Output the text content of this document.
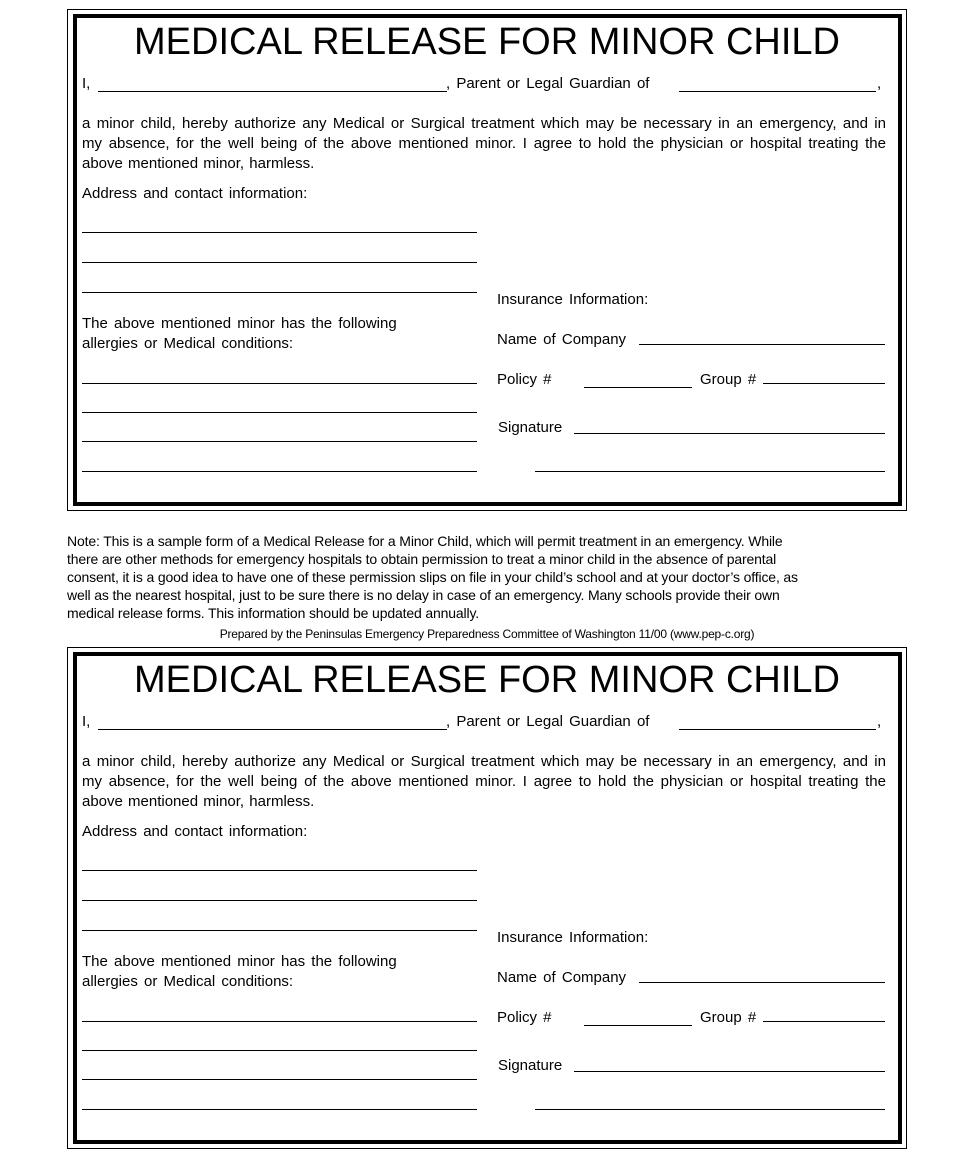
MEDICAL RELEASE FOR MINOR CHILD
I,	, Parent or Legal Guardian of	,
a minor child, hereby authorize any Medical or Surgical treatment which may be necessary in an emergency, and in my absence, for the well being of the above mentioned minor. I agree to hold the physician or hospital treating the above mentioned minor, harmless.
Address and contact information:
The above mentioned minor has the following allergies or Medical conditions:
Insurance Information:
Name of Company
Policy #	Group #
Signature
Note: This is a sample form of a Medical Release for a Minor Child, which will permit treatment in an emergency. While
there are other methods for emergency hospitals to obtain permission to treat a minor child in the absence of parental
consent, it is a good idea to have one of these permission slips on file in your child’s school and at your doctor’s office, as
well as the nearest hospital, just to be sure there is no delay in case of an emergency. Many schools provide their own
medical release forms. This information should be updated annually.
Prepared by the Peninsulas Emergency Preparedness Committee of Washington 11/00 (www.pep-c.org)
MEDICAL RELEASE FOR MINOR CHILD
I,	, Parent or Legal Guardian of	,
a minor child, hereby authorize any Medical or Surgical treatment which may be necessary in an emergency, and in my absence, for the well being of the above mentioned minor. I agree to hold the physician or hospital treating the above mentioned minor, harmless.
Address and contact information:
The above mentioned minor has the following allergies or Medical conditions:
Insurance Information:
Name of Company
Policy #	Group #
Signature
